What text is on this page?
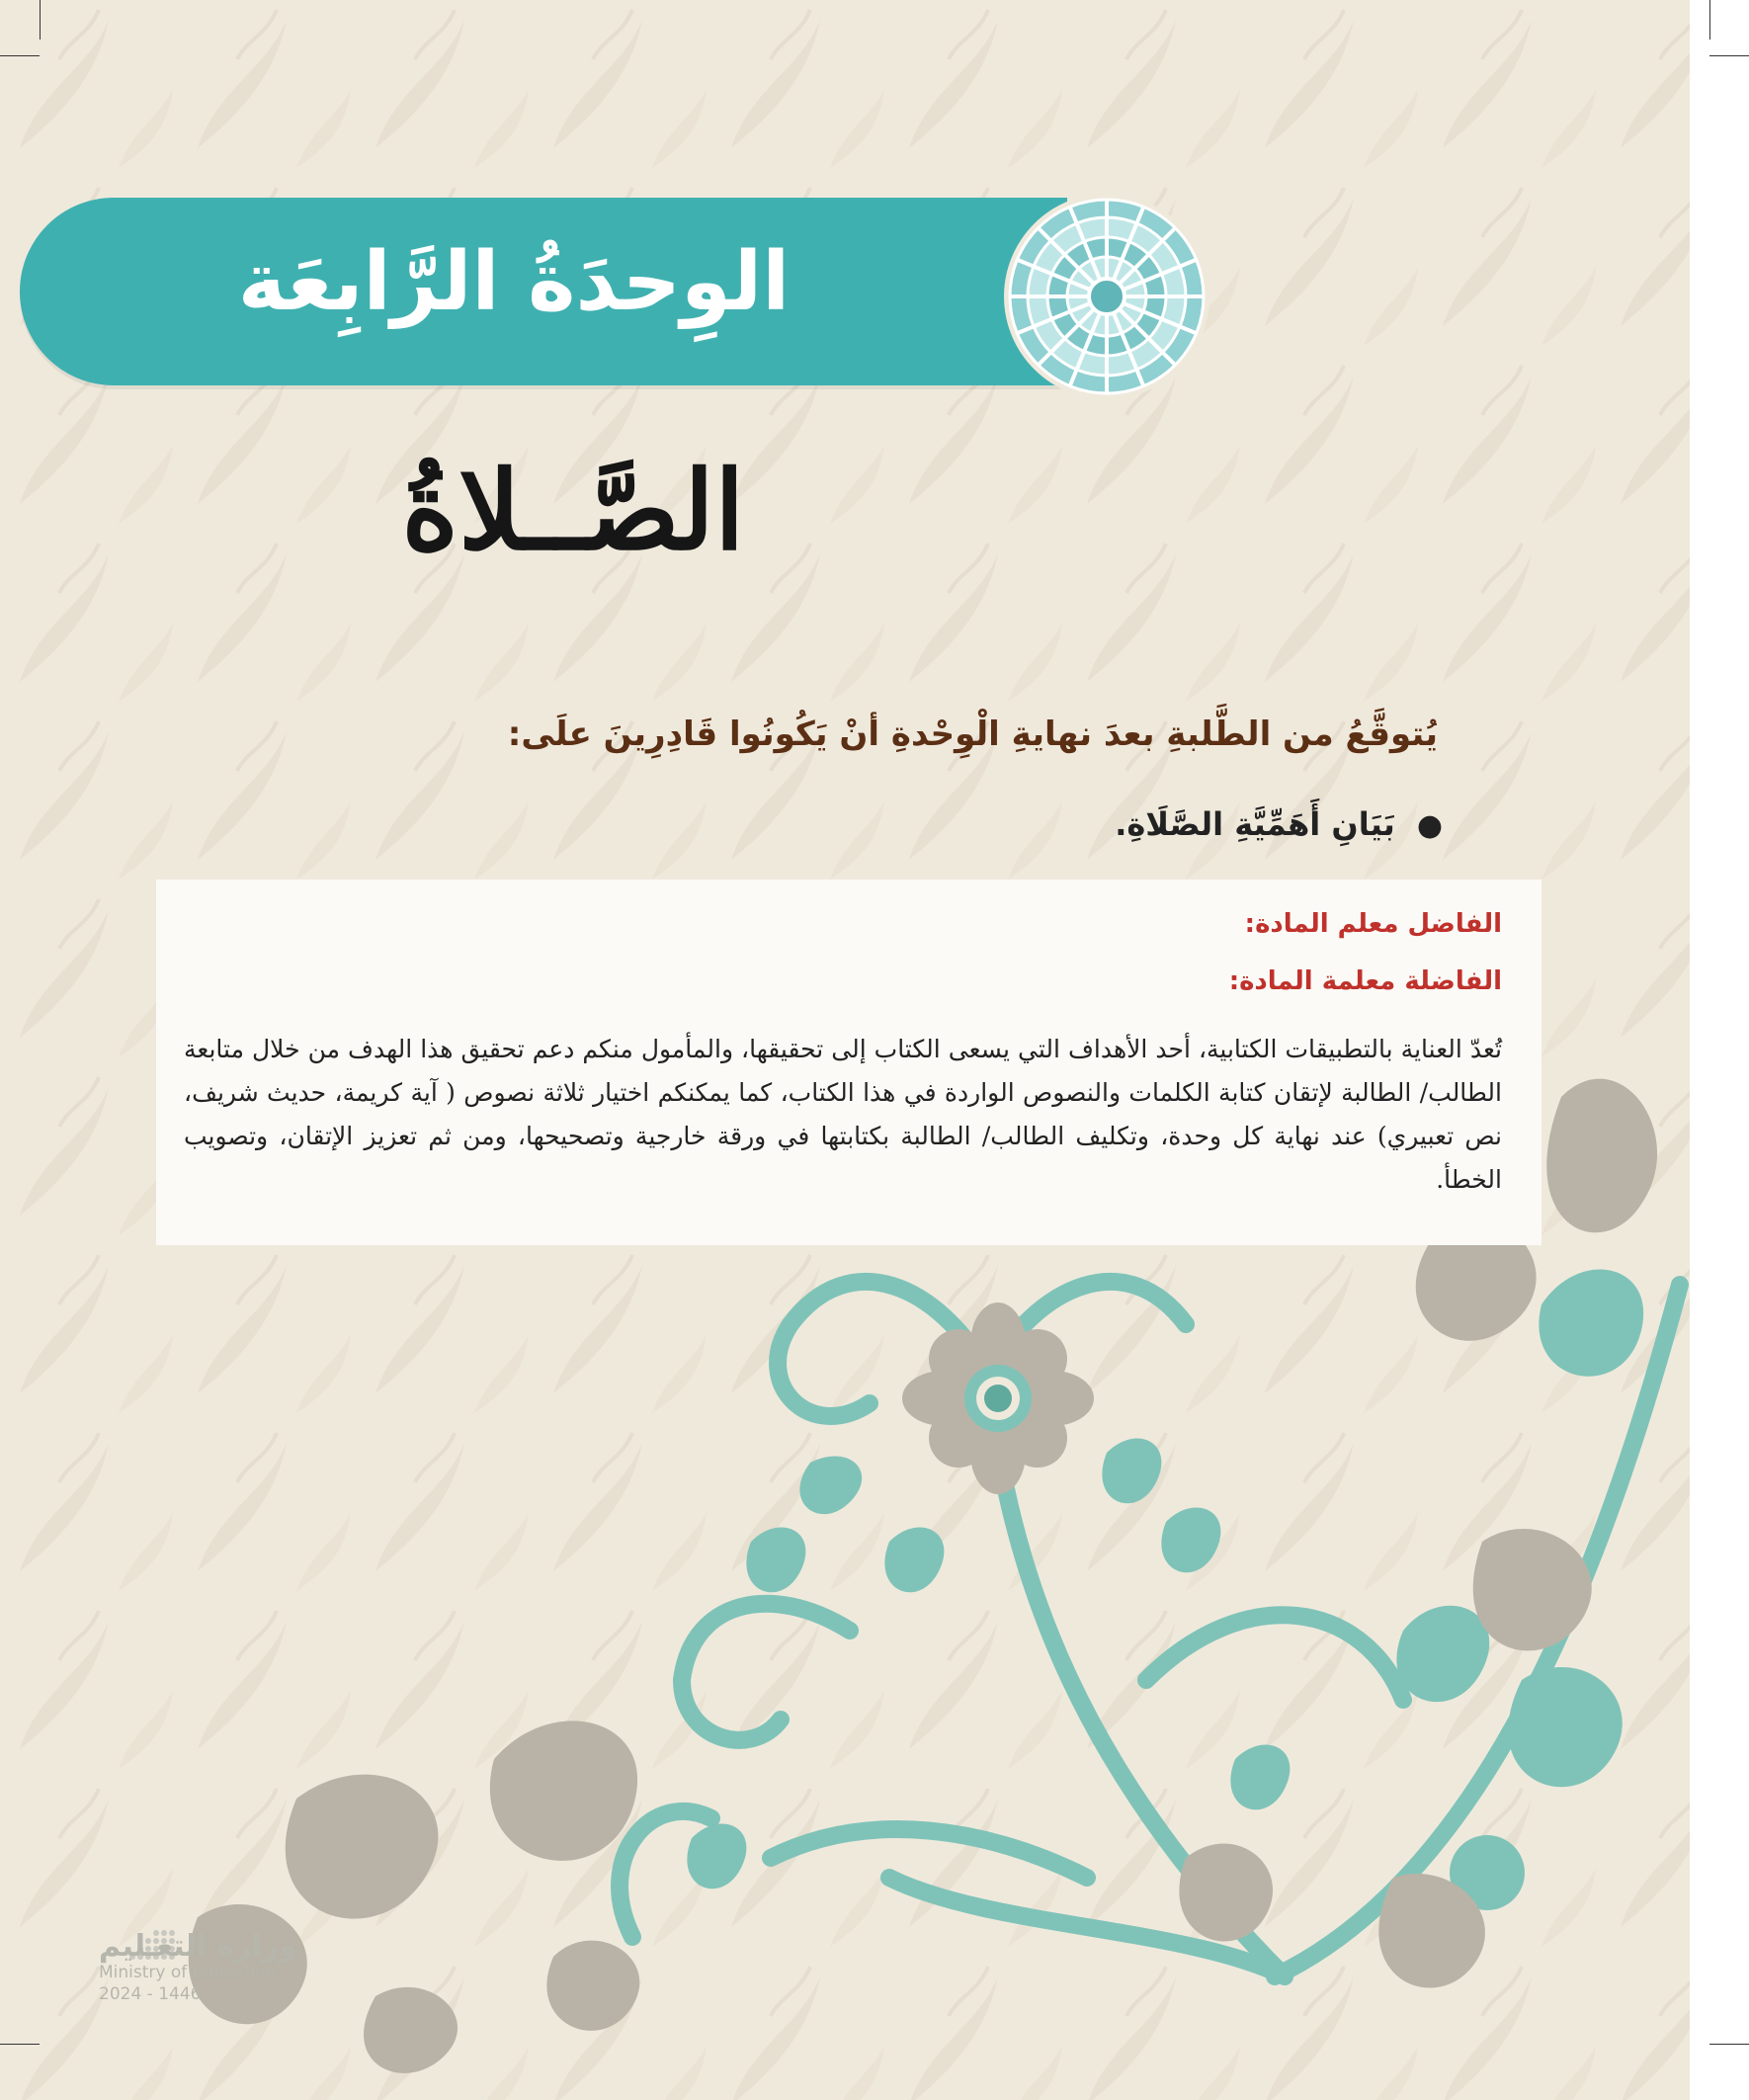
الوِحدَةُ الرَّابِعَة
الصَّــلاةُ
يُتوقَّعُ من الطَّلبةِ بعدَ نهايةِ الْوِحْدةِ أنْ يَكُونُوا قَادِرِينَ علَى:
●بَيَانِ أَهَمِّيَّةِ الصَّلَاةِ.
الفاضل معلم المادة:
الفاضلة معلمة المادة:
تُعدّ العناية بالتطبيقات الكتابية، أحد الأهداف التي يسعى الكتاب إلى تحقيقها، والمأمول منكم دعم تحقيق هذا الهدف من خلال متابعة الطالب/ الطالبة لإتقان كتابة الكلمات والنصوص الواردة في هذا الكتاب، كما يمكنكم اختيار ثلاثة نصوص ( آية كريمة، حديث شريف، نص تعبيري) عند نهاية كل وحدة، وتكليف الطالب/ الطالبة بكتابتها في ورقة خارجية وتصحيحها، ومن ثم تعزيز الإتقان، وتصويب الخطأ.
وزارة التعـليم
Ministry of Education
2024 - 1446
